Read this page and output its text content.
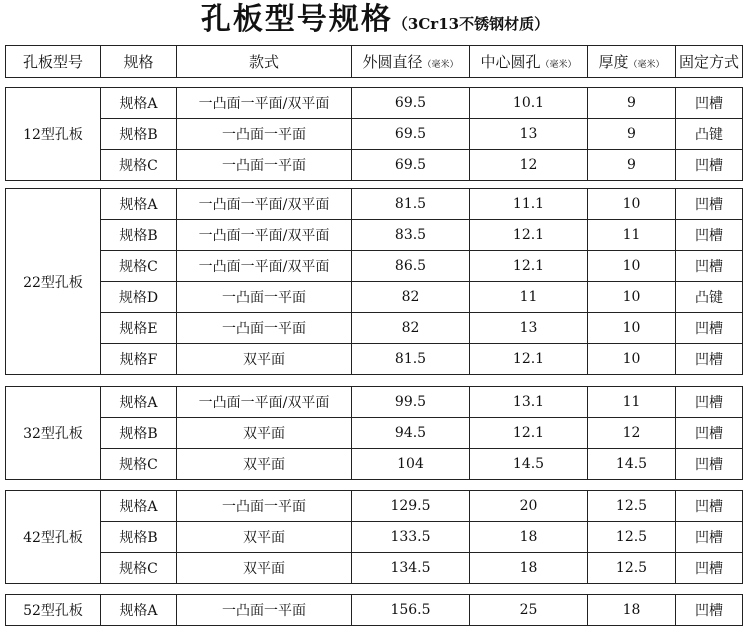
孔板型号规格（3Cr13不锈钢材质）
孔板型号	规格	款式	外圆直径（毫米）	中心圆孔（毫米）	厚度（毫米）	固定方式
12型孔板	规格A	一凸面一平面/双平面	69.5	10.1	9	凹槽
	规格B	一凸面一平面	69.5	13	9	凸键
	规格C	一凸面一平面	69.5	12	9	凹槽
22型孔板	规格A	一凸面一平面/双平面	81.5	11.1	10	凹槽
	规格B	一凸面一平面/双平面	83.5	12.1	11	凹槽
	规格C	一凸面一平面/双平面	86.5	12.1	10	凹槽
	规格D	一凸面一平面	82	11	10	凸键
	规格E	一凸面一平面	82	13	10	凹槽
	规格F	双平面	81.5	12.1	10	凹槽
32型孔板	规格A	一凸面一平面/双平面	99.5	13.1	11	凹槽
	规格B	双平面	94.5	12.1	12	凹槽
	规格C	双平面	104	14.5	14.5	凹槽
42型孔板	规格A	一凸面一平面	129.5	20	12.5	凹槽
	规格B	双平面	133.5	18	12.5	凹槽
	规格C	双平面	134.5	18	12.5	凹槽
52型孔板	规格A	一凸面一平面	156.5	25	18	凹槽
